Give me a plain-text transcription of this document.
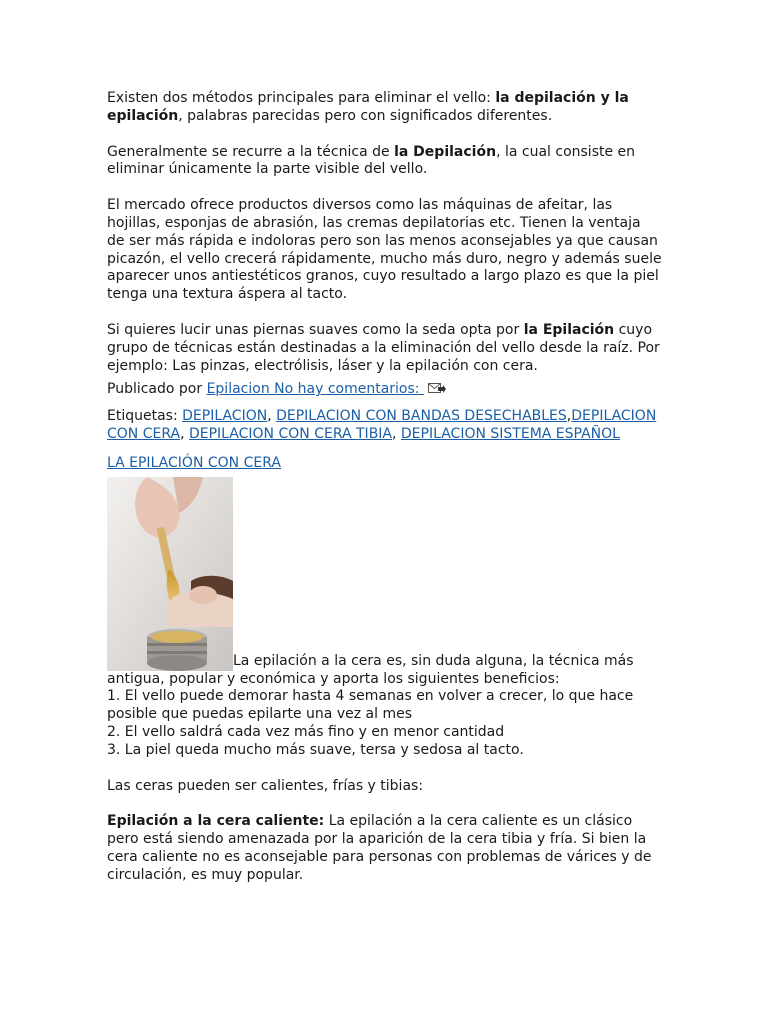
Existen dos métodos principales para eliminar el vello: la depilación y la epilación, palabras parecidas pero con significados diferentes.

Generalmente se recurre a la técnica de la Depilación, la cual consiste en eliminar únicamente la parte visible del vello.

El mercado ofrece productos diversos como las máquinas de afeitar, las hojillas, esponjas de abrasión, las cremas depilatorias etc. Tienen la ventaja de ser más rápida e indoloras pero son las menos aconsejables ya que causan picazón, el vello crecerá rápidamente, mucho más duro, negro y además suele aparecer unos antiestéticos granos, cuyo resultado a largo plazo es que la piel tenga una textura áspera al tacto.

Si quieres lucir unas piernas suaves como la seda opta por la Epilación cuyo grupo de técnicas están destinadas a la eliminación del vello desde la raíz. Por ejemplo: Las pinzas, electrólisis, láser y la epilación con cera.

Publicado por Epilacion No hay comentarios:

Etiquetas: DEPILACION, DEPILACION CON BANDAS DESECHABLES,DEPILACION CON CERA, DEPILACION CON CERA TIBIA, DEPILACION SISTEMA ESPAÑOL

LA EPILACIÓN CON CERA

La epilación a la cera es, sin duda alguna, la técnica más antigua, popular y económica y aporta los siguientes beneficios:
1. El vello puede demorar hasta 4 semanas en volver a crecer, lo que hace posible que puedas epilarte una vez al mes
2. El vello saldrá cada vez más fino y en menor cantidad
3. La piel queda mucho más suave, tersa y sedosa al tacto.

Las ceras pueden ser calientes, frías y tibias:

Epilación a la cera caliente: La epilación a la cera caliente es un clásico pero está siendo amenazada por la aparición de la cera tibia y fría. Si bien la cera caliente no es aconsejable para personas con problemas de várices y de circulación, es muy popular.
